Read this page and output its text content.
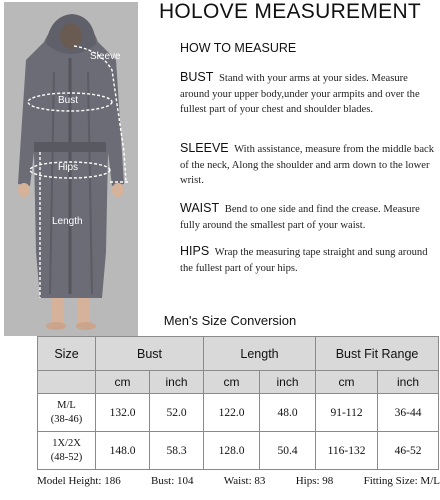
Sleeve
Bust
Hips
Length
HOLOVE MEASUREMENT
HOW TO MEASURE
BUST Stand with your arms at your sides. Measure around your upper body,under your armpits and over the fullest part of your chest and shoulder blades.
SLEEVE With assistance, measure from the middle back of the neck, Along the shoulder and arm down to the lower wrist.
WAIST Bend to one side and find the crease. Measure fully around the smallest part of your waist.
HIPS Wrap the measuring tape straight and sung around the fullest part of your hips.
Men's Size Conversion
Size	Bust		Length		Bust Fit Range	
	cm	inch	cm	inch	cm	inch

M/L
(38-46)	132.0	52.0	122.0	48.0	91-112	36-44

1X/2X
(48-52)	148.0	58.3	128.0	50.4	116-132	46-52
Model Height: 186	Bust: 104	Waist: 83	Hips: 98	Fitting Size: M/L
